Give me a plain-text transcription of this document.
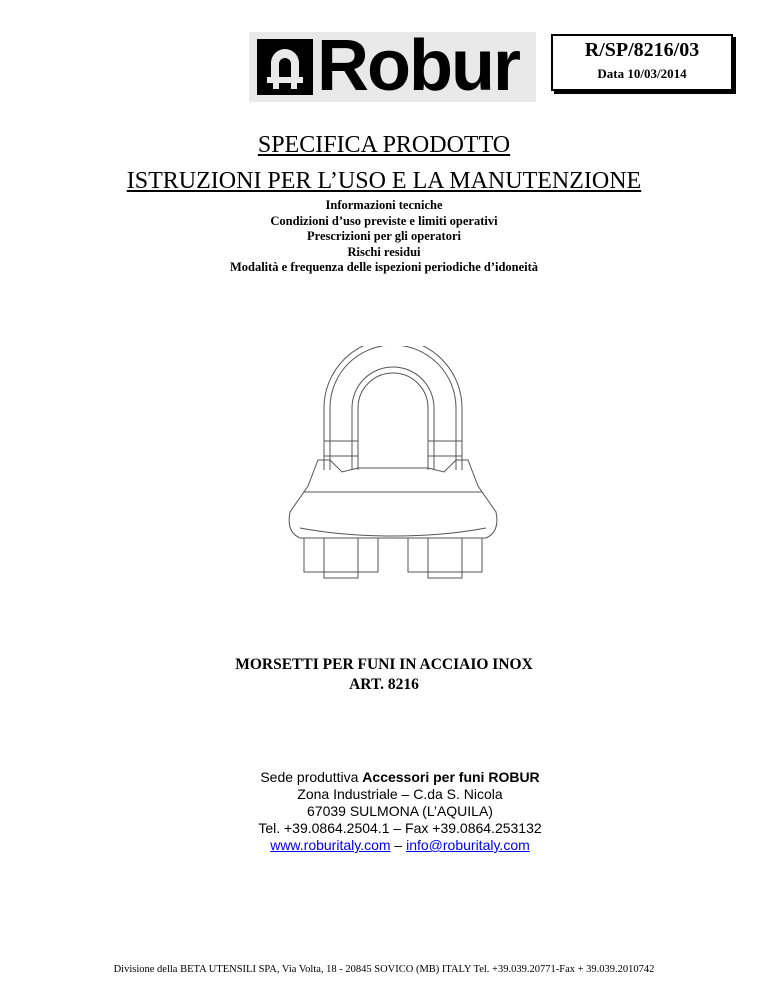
Robur	R/SP/8216/03
Data 10/03/2014
SPECIFICA PRODOTTO
ISTRUZIONI PER L’USO E LA MANUTENZIONE
Informazioni tecniche
Condizioni d’uso previste e limiti operativi
Prescrizioni per gli operatori
Rischi residui
Modalità e frequenza delle ispezioni periodiche d’idoneità
MORSETTI PER FUNI IN ACCIAIO INOX
ART. 8216
Sede produttiva Accessori per funi ROBUR
Zona Industriale – C.da S. Nicola
67039 SULMONA (L’AQUILA)
Tel. +39.0864.2504.1 – Fax +39.0864.253132
www.roburitaly.com – info@roburitaly.com
Divisione della BETA UTENSILI SPA, Via Volta, 18 - 20845 SOVICO (MB) ITALY Tel. +39.039.20771-Fax + 39.039.2010742
